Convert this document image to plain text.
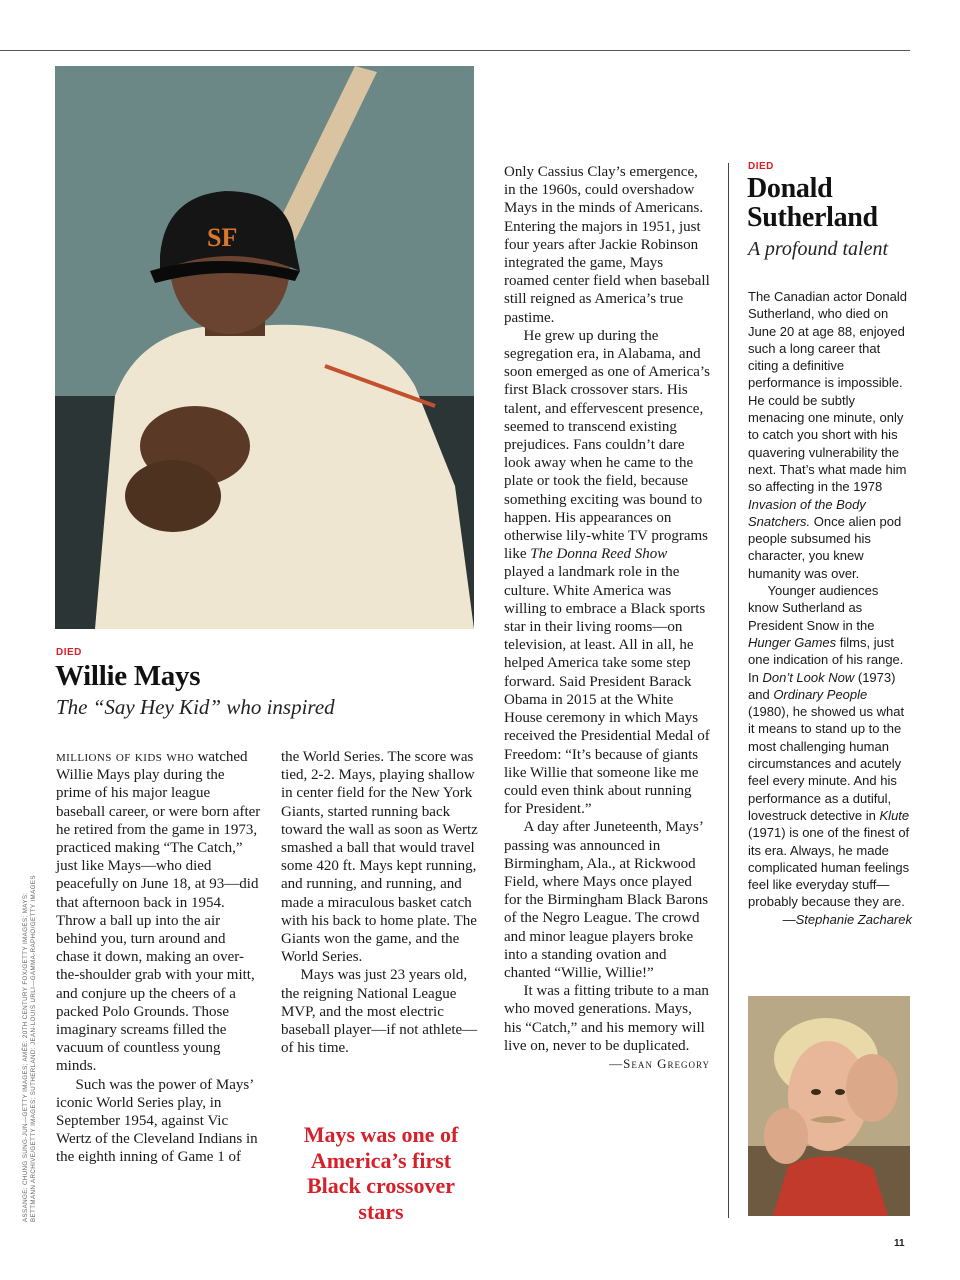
SF
DIED
Willie Mays
The “Say Hey Kid” who inspired

millions of kids who watched Willie Mays play during the prime of his major league baseball career, or were born after he retired from the game in 1973, practiced making “The Catch,” just like Mays—who died peacefully on June 18, at 93—did that afternoon back in 1954. Throw a ball up into the air behind you, turn around and chase it down, making an over-the-shoulder grab with your mitt, and conjure up the cheers of a packed Polo Grounds. Those imaginary screams filled the vacuum of countless young minds.

Such was the power of Mays’ iconic World Series play, in September 1954, against Vic Wertz of the Cleveland Indians in the eighth inning of Game 1 of

the World Series. The score was tied, 2-2. Mays, playing shallow in center field for the New York Giants, started running back toward the wall as soon as Wertz smashed a ball that would travel some 420 ft. Mays kept running, and running, and running, and made a miraculous basket catch with his back to home plate. The Giants won the game, and the World Series.

Mays was just 23 years old, the reigning National League MVP, and the most electric baseball player—if not athlete—of his time.

Mays was one of America’s first Black crossover stars

Only Cassius Clay’s emergence, in the 1960s, could overshadow Mays in the minds of Americans. Entering the majors in 1951, just four years after Jackie Robinson integrated the game, Mays roamed center field when baseball still reigned as America’s true pastime.

He grew up during the segregation era, in Alabama, and soon emerged as one of America’s first Black crossover stars. His talent, and effervescent presence, seemed to transcend existing prejudices. Fans couldn’t dare look away when he came to the plate or took the field, because something exciting was bound to happen. His appearances on otherwise lily-white TV programs like The Donna Reed Show played a landmark role in the culture. White America was willing to embrace a Black sports star in their living rooms—on television, at least. All in all, he helped America take some step forward. Said President Barack Obama in 2015 at the White House ceremony in which Mays received the Presidential Medal of Freedom: “It’s because of giants like Willie that someone like me could even think about running for President.”

A day after Juneteenth, Mays’ passing was announced in Birmingham, Ala., at Rickwood Field, where Mays once played for the Birmingham Black Barons of the Negro League. The crowd and minor league players broke into a standing ovation and chanted “Willie, Willie!”

It was a fitting tribute to a man who moved generations. Mays, his “Catch,” and his memory will live on, never to be duplicated.

—Sean Gregory

DIED
Donald
Sutherland
A profound talent

The Canadian actor Donald Sutherland, who died on June 20 at age 88, enjoyed such a long career that citing a definitive performance is impossible. He could be subtly menacing one minute, only to catch you short with his quavering vulnerability the next. That’s what made him so affecting in the 1978 Invasion of the Body Snatchers. Once alien pod people subsumed his character, you knew humanity was over.

Younger audiences know Sutherland as President Snow in the Hunger Games films, just one indication of his range. In Don’t Look Now (1973) and Ordinary People (1980), he showed us what it means to stand up to the most challenging human circumstances and acutely feel every minute. And his performance as a dutiful, lovestruck detective in Klute (1971) is one of the finest of its era. Always, he made complicated human feelings feel like everyday stuff—probably because they are.

—Stephanie Zacharek

ASSANGE: CHUNG SUNG-JUN—GETTY IMAGES; AMÉE: 20TH CENTURY FOX/GETTY IMAGES; MAYS: BETTMANN ARCHIVE/GETTY IMAGES; SUTHERLAND: JEAN-LOUIS URLI—GAMMA-RAPHO/GETTY IMAGES
11
